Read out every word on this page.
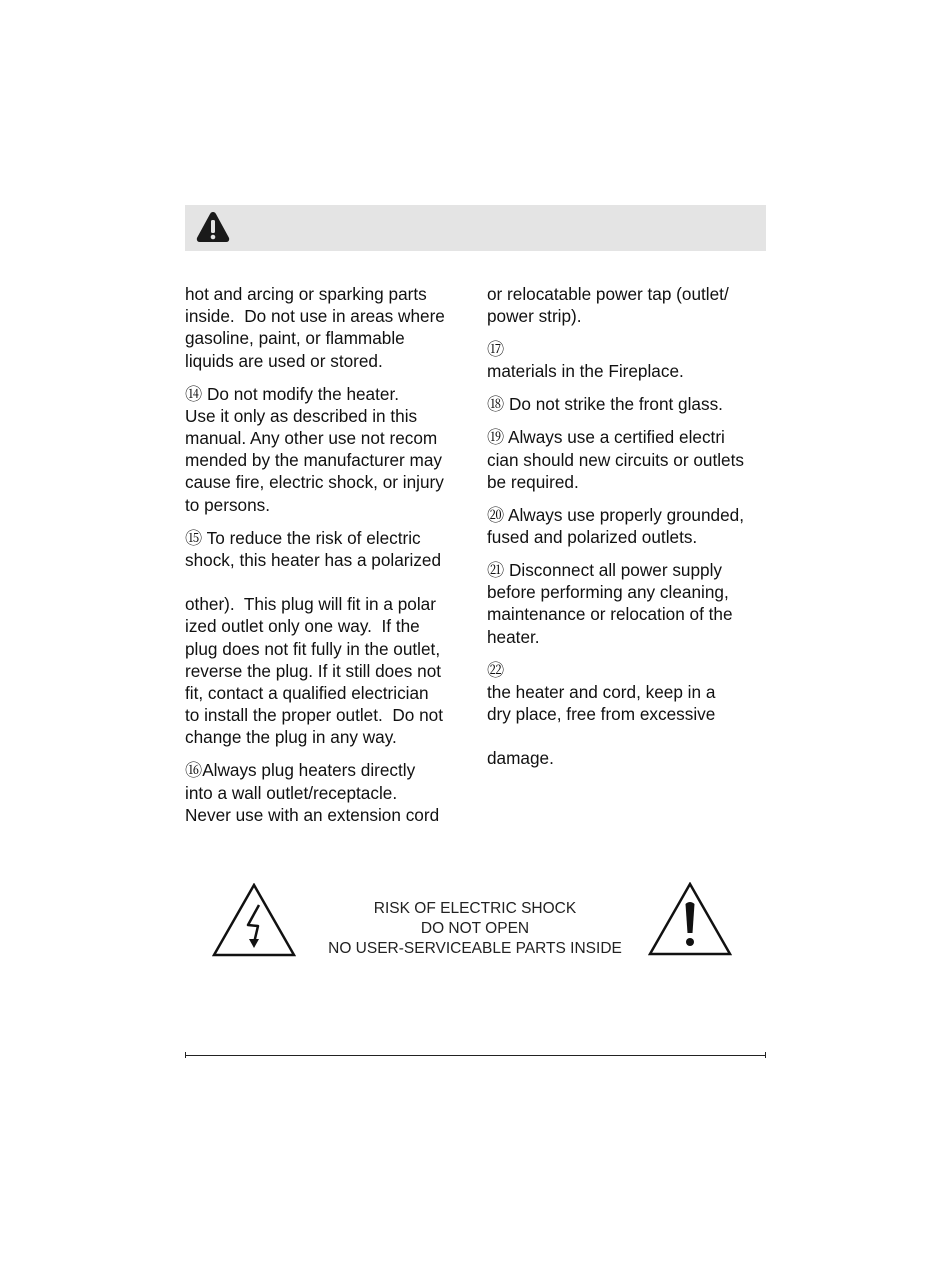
hot and arcing or sparking parts
inside.  Do not use in areas where
gasoline, paint, or flammable
liquids are used or stored.
⑭ Do not modify the heater.
Use it only as described in this
manual. Any other use not recom
mended by the manufacturer may
cause fire, electric shock, or injury
to persons.
⑮ To reduce the risk of electric
shock, this heater has a polarized
other).  This plug will fit in a polar
ized outlet only one way.  If the
plug does not fit fully in the outlet,
reverse the plug. If it still does not
fit, contact a qualified electrician
to install the proper outlet.  Do not
change the plug in any way.
⑯Always plug heaters directly
into a wall outlet/receptacle.
Never use with an extension cord
or relocatable power tap (outlet/
power strip).
⑰
materials in the Fireplace.
⑱ Do not strike the front glass.
⑲ Always use a certified electri
cian should new circuits or outlets
be required.
⑳ Always use properly grounded,
fused and polarized outlets.
㉑ Disconnect all power supply
before performing any cleaning,
maintenance or relocation of the
heater.
㉒
the heater and cord, keep in a
dry place, free from excessive
damage.
RISK OF ELECTRIC SHOCK
DO NOT OPEN
NO USER-SERVICEABLE PARTS INSIDE
